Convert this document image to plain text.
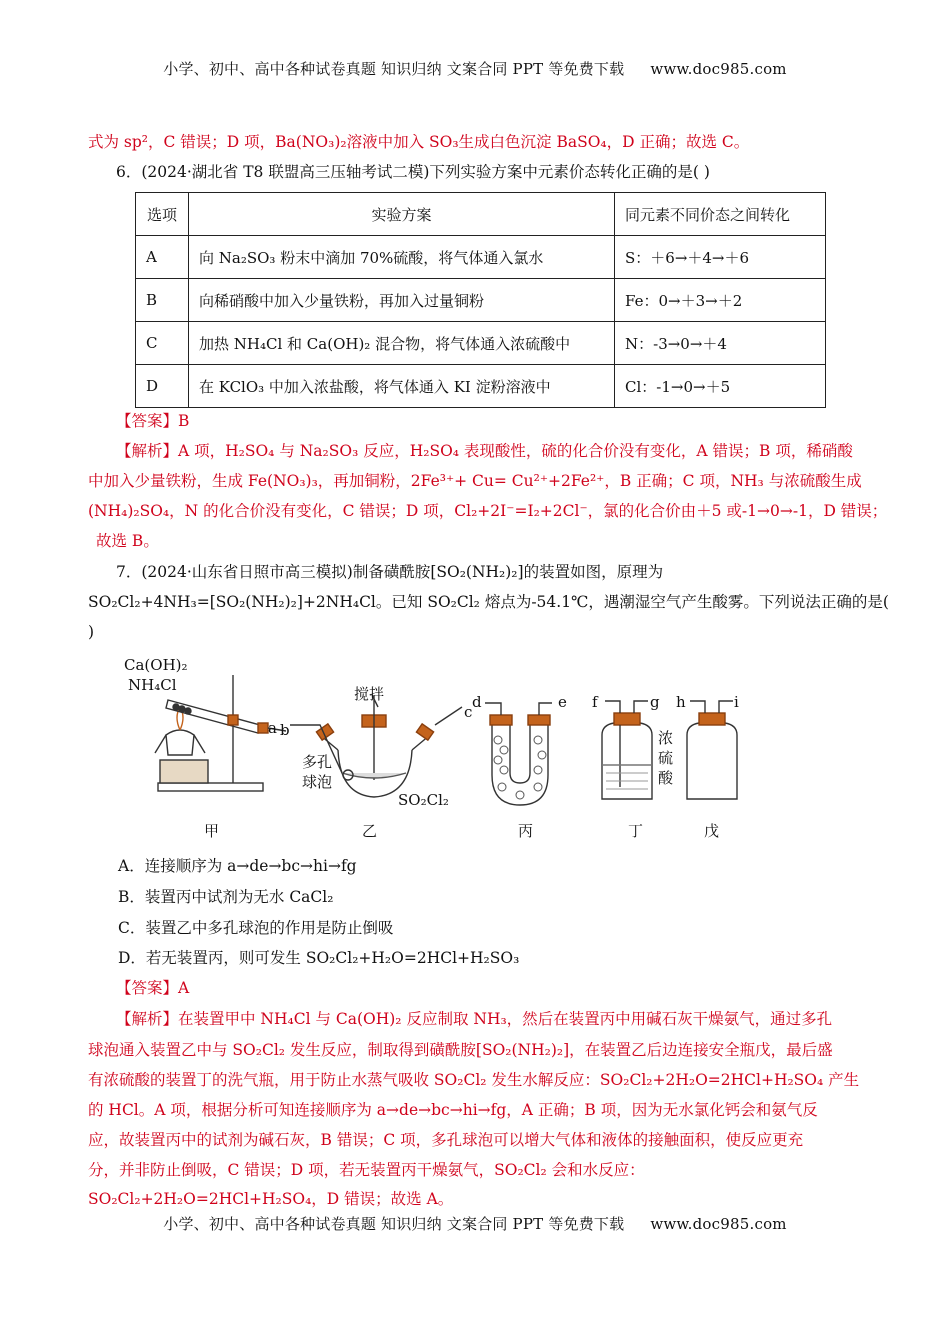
小学、初中、高中各种试卷真题 知识归纳 文案合同 PPT 等免费下载 www.doc985.com
式为 sp²，C 错误；D 项，Ba(NO₃)₂溶液中加入 SO₃生成白色沉淀 BaSO₄，D 正确；故选 C。
6．(2024·湖北省 T8 联盟高三压轴考试二模)下列实验方案中元素价态转化正确的是( )
选项	实验方案	同元素不同价态之间转化
A	向 Na₂SO₃ 粉末中滴加 70%硫酸，将气体通入氯水	S：＋6→＋4→＋6
B	向稀硝酸中加入少量铁粉，再加入过量铜粉	Fe：0→＋3→＋2
C	加热 NH₄Cl 和 Ca(OH)₂ 混合物，将气体通入浓硫酸中	N：-3→0→＋4
D	在 KClO₃ 中加入浓盐酸，将气体通入 KI 淀粉溶液中	Cl：-1→0→＋5
【答案】B
【解析】A 项，H₂SO₄ 与 Na₂SO₃ 反应，H₂SO₄ 表现酸性，硫的化合价没有变化，A 错误；B 项，稀硝酸
中加入少量铁粉，生成 Fe(NO₃)₃，再加铜粉，2Fe³⁺+ Cu= Cu²⁺+2Fe²⁺，B 正确；C 项，NH₃ 与浓硫酸生成
(NH₄)₂SO₄，N 的化合价没有变化，C 错误；D 项，Cl₂+2I⁻=I₂+2Cl⁻，氯的化合价由＋5 或-1→0→-1，D 错误；
故选 B。
7．(2024·山东省日照市高三模拟)制备磺酰胺[SO₂(NH₂)₂]的装置如图，原理为
SO₂Cl₂+4NH₃=[SO₂(NH₂)₂]+2NH₄Cl。已知 SO₂Cl₂ 熔点为-54.1℃，遇潮湿空气产生酸雾。下列说法正确的是(
)
Ca(OH)₂
NH₄Cl	搅拌
多孔
球泡
SO₂Cl₂
浓
硫
酸
a b
c
d	e f	g h	i
甲	乙	丙	丁	戊
A．连接顺序为 a→de→bc→hi→fg
B．装置丙中试剂为无水 CaCl₂
C．装置乙中多孔球泡的作用是防止倒吸
D．若无装置丙，则可发生 SO₂Cl₂+H₂O=2HCl+H₂SO₃
【答案】A
【解析】在装置甲中 NH₄Cl 与 Ca(OH)₂ 反应制取 NH₃，然后在装置丙中用碱石灰干燥氨气，通过多孔
球泡通入装置乙中与 SO₂Cl₂ 发生反应，制取得到磺酰胺[SO₂(NH₂)₂]，在装置乙后边连接安全瓶戊，最后盛
有浓硫酸的装置丁的洗气瓶，用于防止水蒸气吸收 SO₂Cl₂ 发生水解反应：SO₂Cl₂+2H₂O=2HCl+H₂SO₄ 产生
的 HCl。A 项，根据分析可知连接顺序为 a→de→bc→hi→fg，A 正确；B 项，因为无水氯化钙会和氨气反
应，故装置丙中的试剂为碱石灰，B 错误；C 项，多孔球泡可以增大气体和液体的接触面积，使反应更充
分，并非防止倒吸，C 错误；D 项，若无装置丙干燥氨气，SO₂Cl₂ 会和水反应：
SO₂Cl₂+2H₂O=2HCl+H₂SO₄，D 错误；故选 A。
小学、初中、高中各种试卷真题 知识归纳 文案合同 PPT 等免费下载 www.doc985.com
